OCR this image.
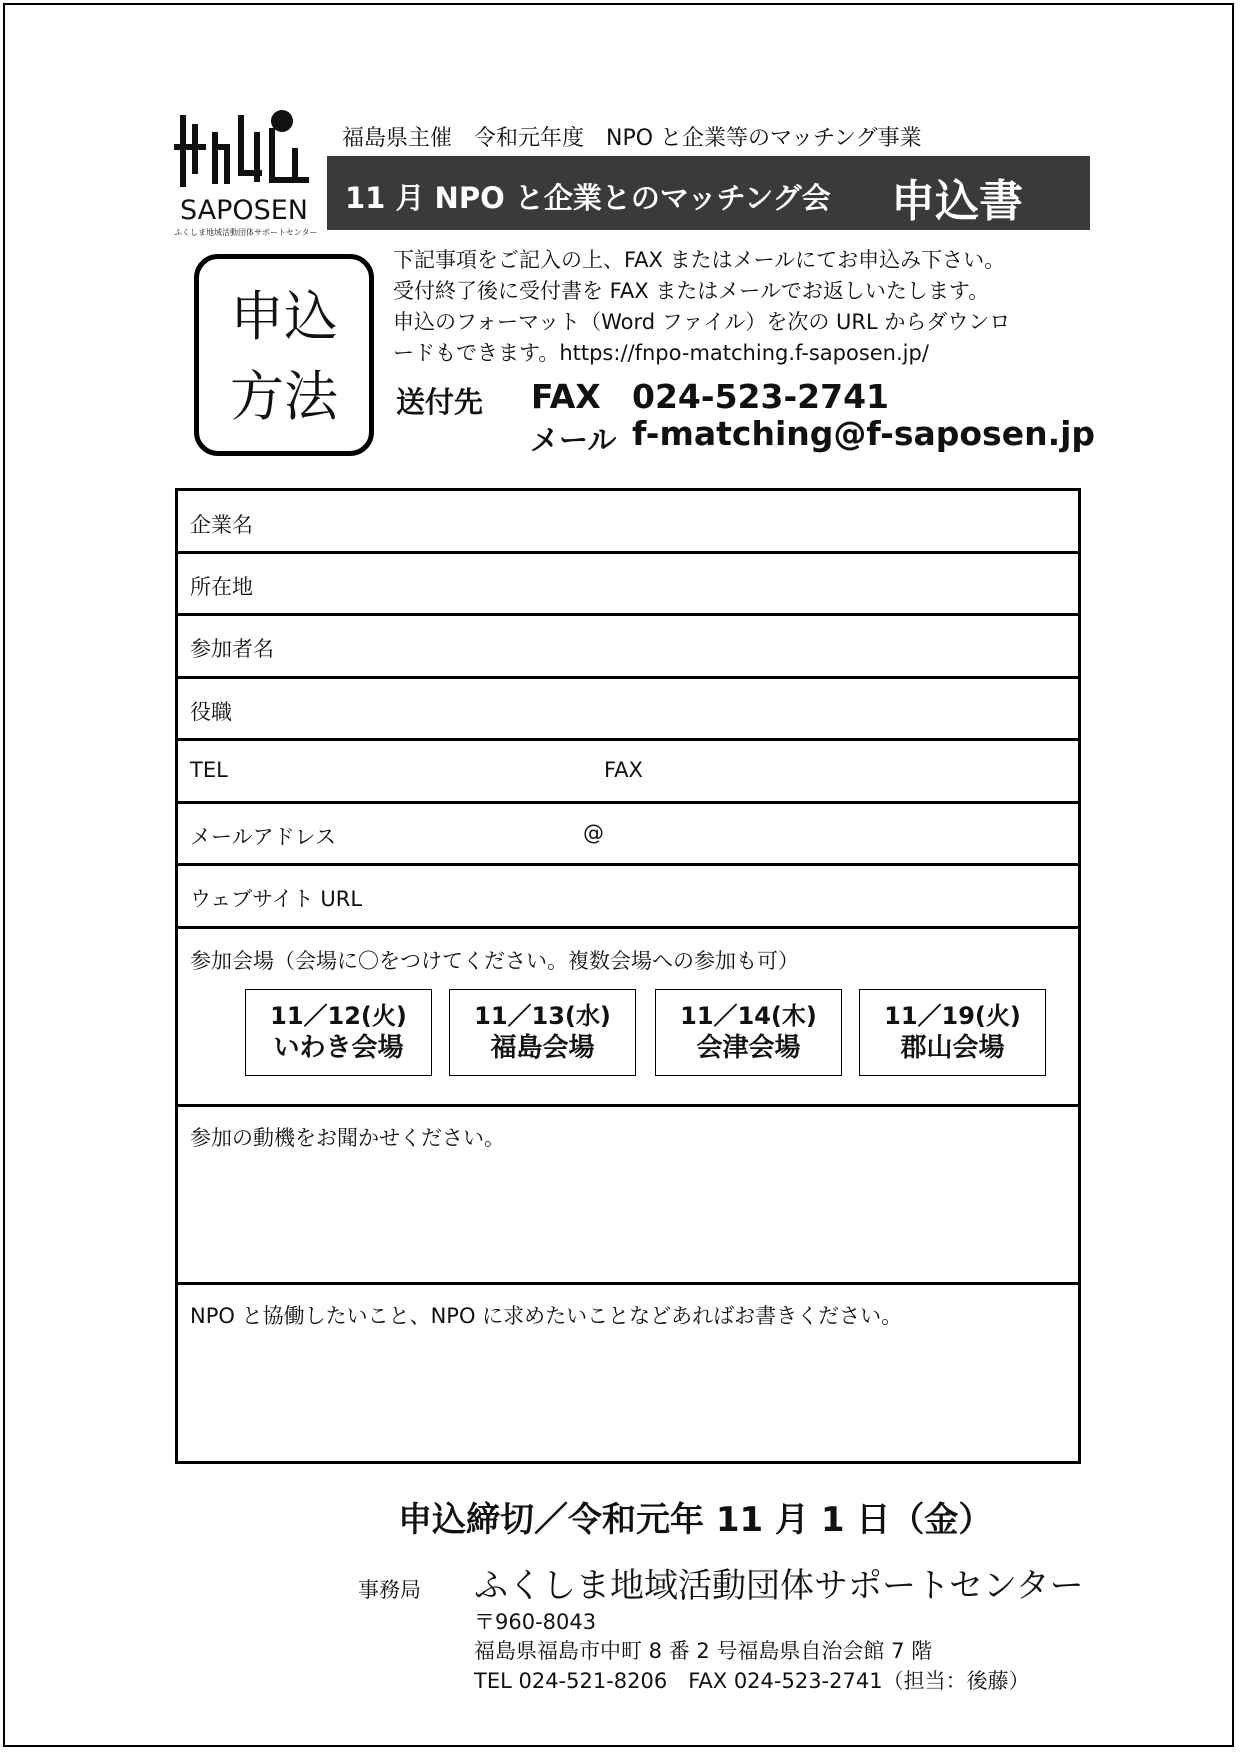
SAPOSEN
ふくしま地域活動団体サポートセンター
福島県主催　令和元年度　NPO と企業等のマッチング事業
11 月 NPO と企業とのマッチング会 申込書
申込
方法
下記事項をご記入の上、FAX またはメールにてお申込み下さい。
受付終了後に受付書を FAX またはメールでお返しいたします。
申込のフォーマット（Word ファイル）を次の URL からダウンロ
ードもできます。https://fnpo-matching.f-saposen.jp/
送付先 FAX 024-523-2741
メール f-matching@f-saposen.jp
企業名
所在地
参加者名
役職
TEL	FAX
メールアドレス	@
ウェブサイト URL
参加会場（会場に〇をつけてください。複数会場への参加も可）
11／12(火)
いわき会場
11／13(水)
福島会場
11／14(木)
会津会場
11／19(火)
郡山会場
参加の動機をお聞かせください。
NPO と協働したいこと、NPO に求めたいことなどあればお書きください。
申込締切／令和元年 11 月 1 日（金）
事務局 ふくしま地域活動団体サポートセンター
〒960-8043
福島県福島市中町 8 番 2 号福島県自治会館 7 階
TEL 024-521-8206　FAX 024-523-2741（担当：後藤）
